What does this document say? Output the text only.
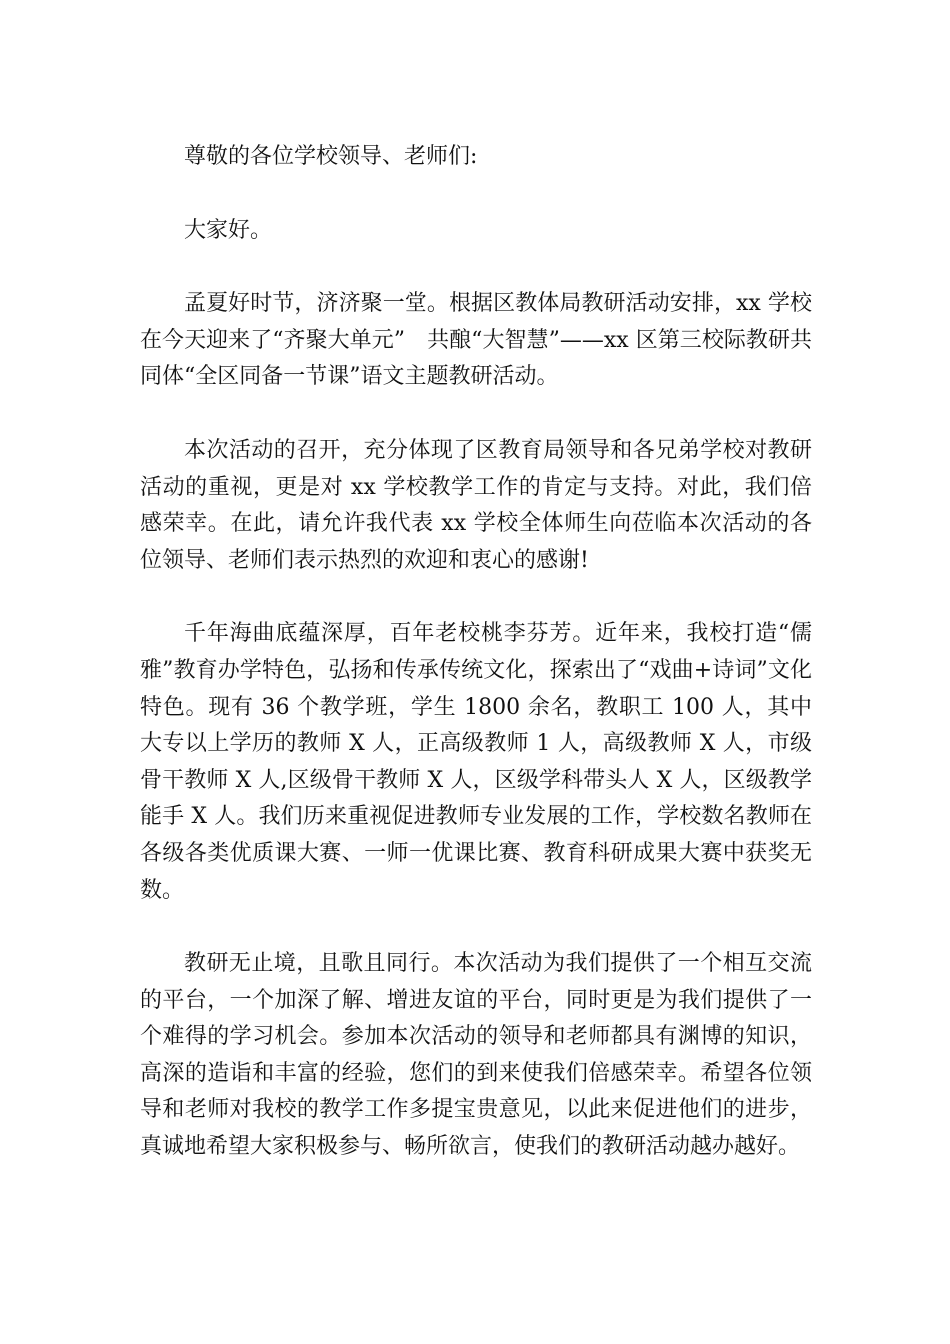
尊敬的各位学校领导、老师们:

大家好。

孟夏好时节，济济聚一堂。根据区教体局教研活动安排，xx 学校在今天迎来了“齐聚大单元”　共酿“大智慧”——xx 区第三校际教研共同体“全区同备一节课”语文主题教研活动。

本次活动的召开，充分体现了区教育局领导和各兄弟学校对教研活动的重视，更是对 xx 学校教学工作的肯定与支持。对此，我们倍感荣幸。在此，请允许我代表 xx 学校全体师生向莅临本次活动的各位领导、老师们表示热烈的欢迎和衷心的感谢!

千年海曲底蕴深厚，百年老校桃李芬芳。近年来，我校打造“儒雅”教育办学特色，弘扬和传承传统文化，探索出了“戏曲+诗词”文化特色。现有 36 个教学班，学生 1800 余名，教职工 100 人，其中大专以上学历的教师 X 人，正高级教师 1 人，高级教师 X 人，市级骨干教师 X 人,区级骨干教师 X 人，区级学科带头人 X 人，区级教学能手 X 人。我们历来重视促进教师专业发展的工作，学校数名教师在各级各类优质课大赛、一师一优课比赛、教育科研成果大赛中获奖无数。

教研无止境，且歌且同行。本次活动为我们提供了一个相互交流的平台，一个加深了解、增进友谊的平台，同时更是为我们提供了一个难得的学习机会。参加本次活动的领导和老师都具有渊博的知识，高深的造诣和丰富的经验，您们的到来使我们倍感荣幸。希望各位领导和老师对我校的教学工作多提宝贵意见，以此来促进他们的进步，真诚地希望大家积极参与、畅所欲言，使我们的教研活动越办越好。
